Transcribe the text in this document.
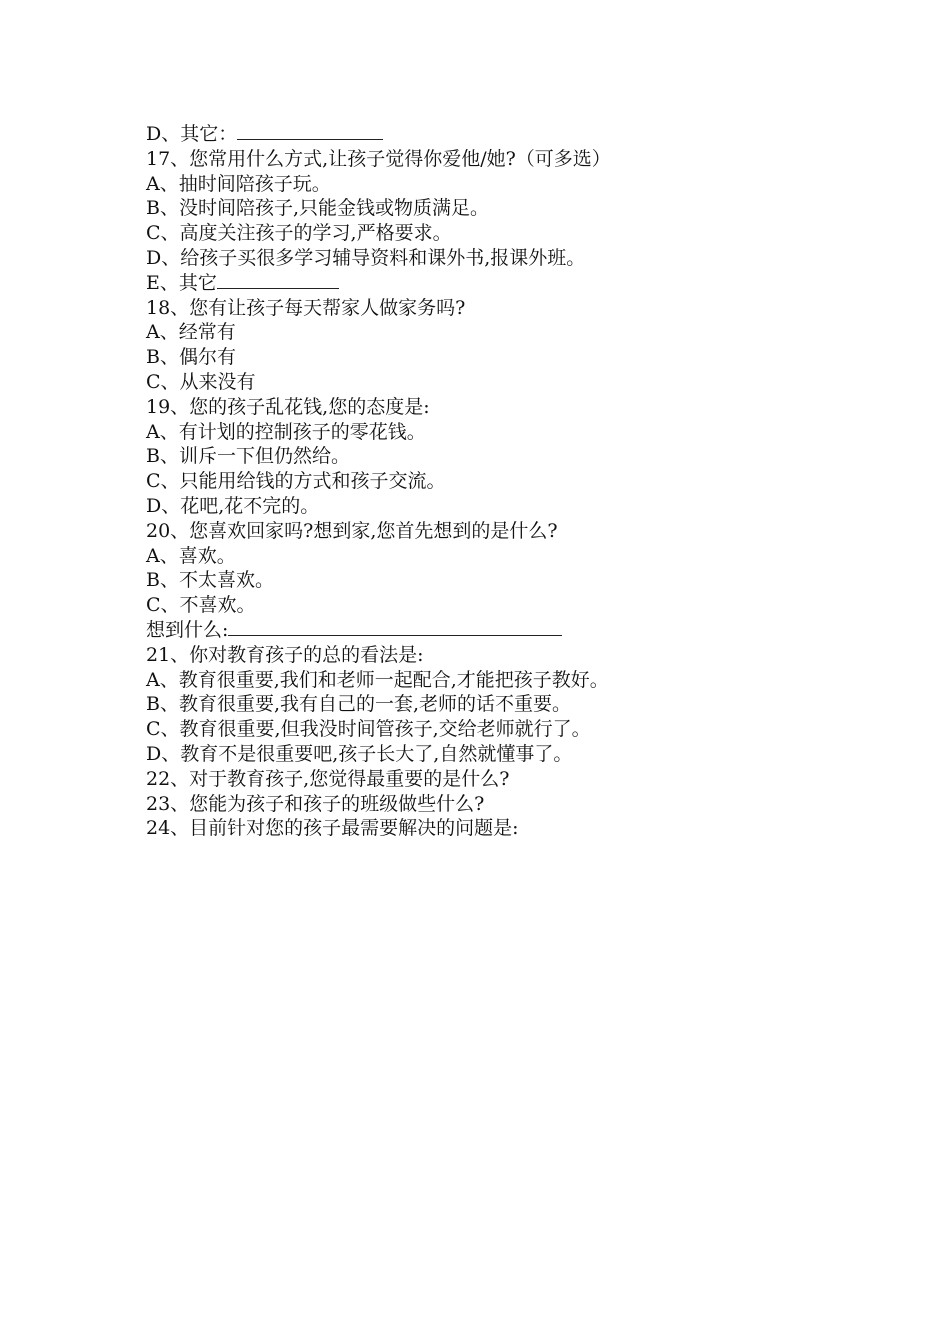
D、其它：
17、您常用什么方式,让孩子觉得你爱他/她?（可多选）
A、抽时间陪孩子玩。
B、没时间陪孩子,只能金钱或物质满足。
C、高度关注孩子的学习,严格要求。
D、给孩子买很多学习辅导资料和课外书,报课外班。
E、其它
18、您有让孩子每天帮家人做家务吗?
A、经常有
B、偶尔有
C、从来没有
19、您的孩子乱花钱,您的态度是:
A、有计划的控制孩子的零花钱。
B、训斥一下但仍然给。
C、只能用给钱的方式和孩子交流。
D、花吧,花不完的。
20、您喜欢回家吗?想到家,您首先想到的是什么?
A、喜欢。
B、不太喜欢。
C、不喜欢。
想到什么:
21、你对教育孩子的总的看法是:
A、教育很重要,我们和老师一起配合,才能把孩子教好。
B、教育很重要,我有自己的一套,老师的话不重要。
C、教育很重要,但我没时间管孩子,交给老师就行了。
D、教育不是很重要吧,孩子长大了,自然就懂事了。
22、对于教育孩子,您觉得最重要的是什么?
23、您能为孩子和孩子的班级做些什么?
24、目前针对您的孩子最需要解决的问题是:
